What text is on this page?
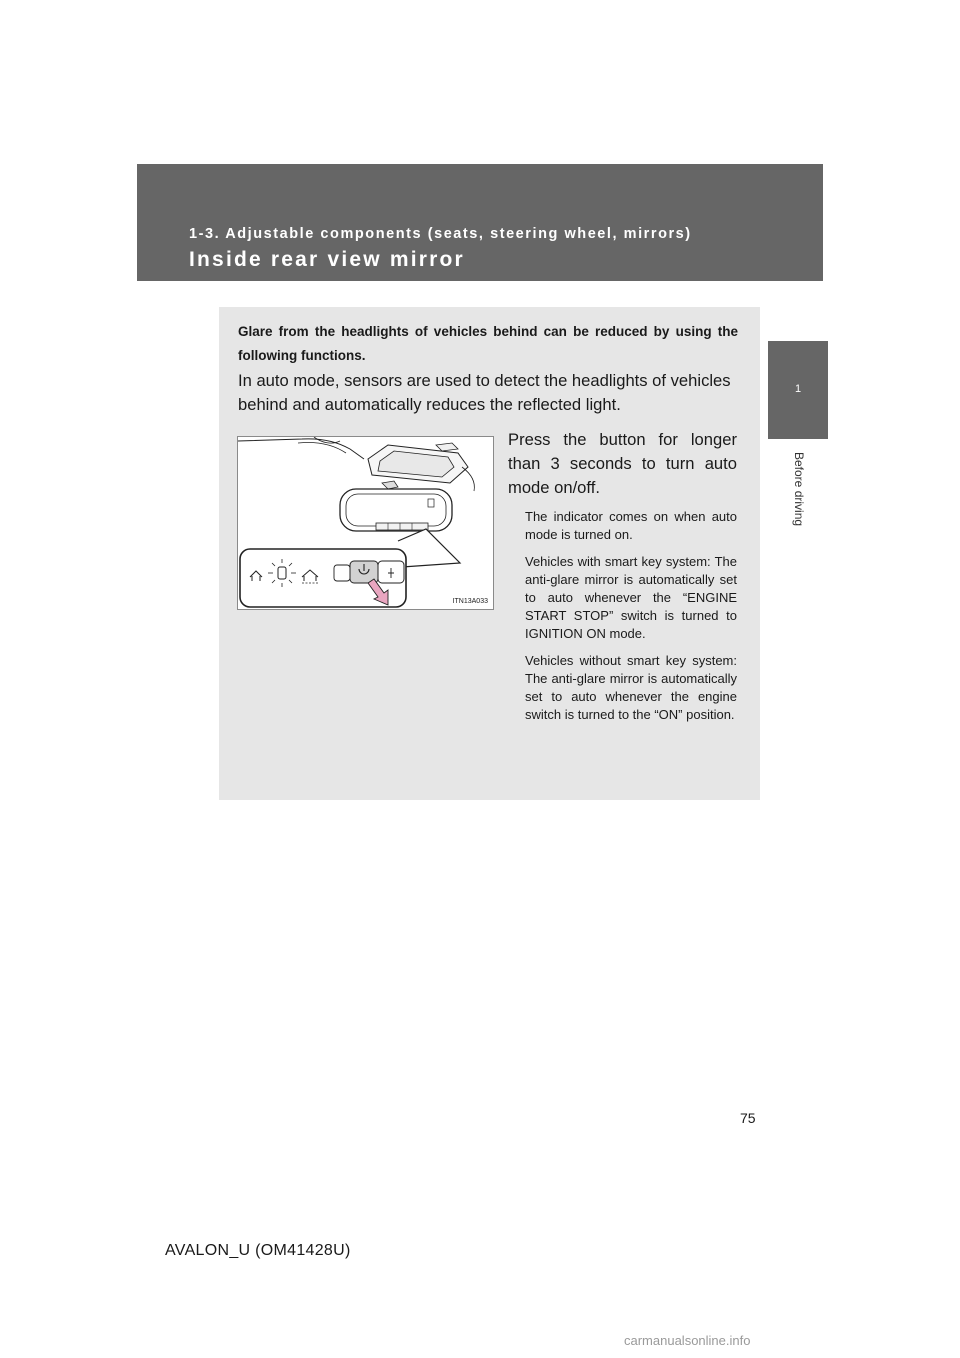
1-3. Adjustable components (seats, steering wheel, mirrors)
Inside rear view mirror
1
Before driving
Glare from the headlights of vehicles behind can be reduced by using the following functions.
In auto mode, sensors are used to detect the headlights of vehicles behind and automatically reduces the reflected light.
ITN13A033
Press the button for longer than 3 seconds to turn auto mode on/off.
The indicator comes on when auto mode is turned on.
Vehicles with smart key system: The anti-glare mirror is automatically set to auto whenever the “ENGINE START STOP” switch is turned to IGNITION ON mode.
Vehicles without smart key system: The anti-glare mirror is automatically set to auto whenever the engine switch is turned to the “ON” position.
75
AVALON_U (OM41428U)
carmanualsonline.info
